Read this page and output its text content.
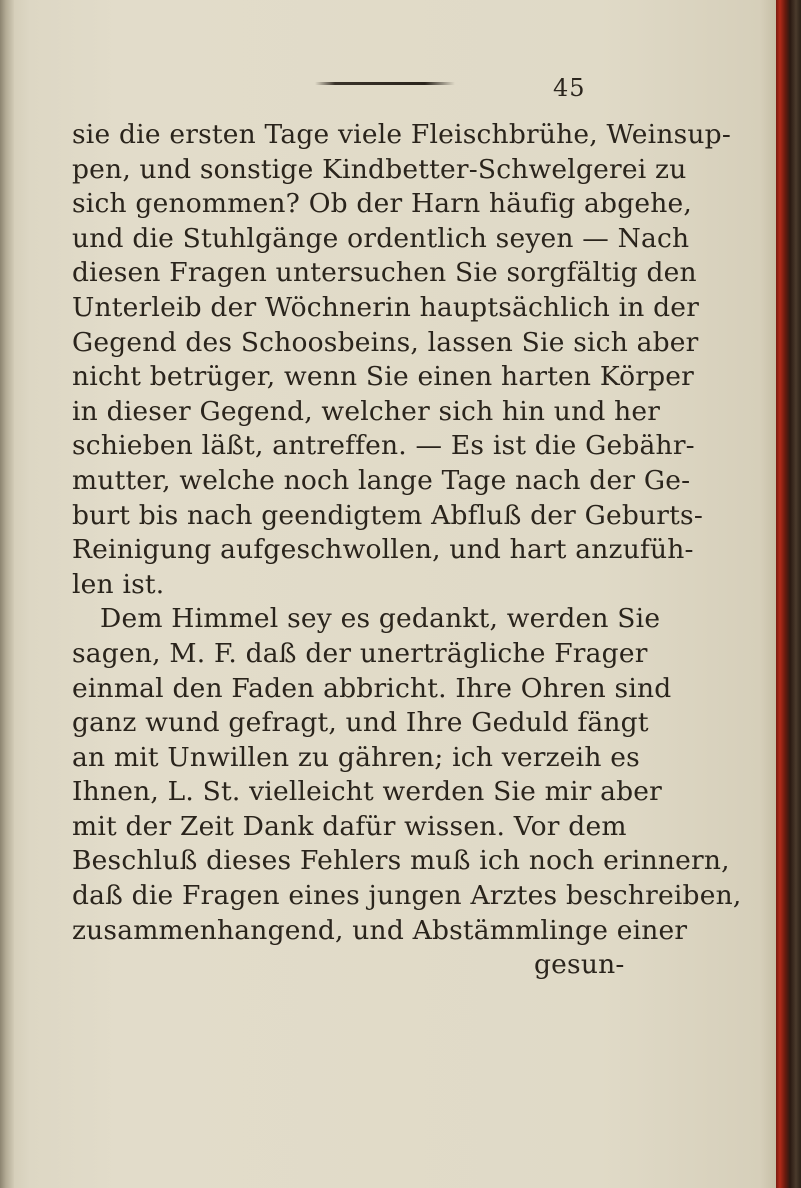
45
sie die ersten Tage viele Fleischbrühe, Weinsup-
pen, und sonstige Kindbetter-Schwelgerei zu
sich genommen? Ob der Harn häufig abgehe,
und die Stuhlgänge ordentlich seyen — Nach
diesen Fragen untersuchen Sie sorgfältig den
Unterleib der Wöchnerin hauptsächlich in der
Gegend des Schoosbeins, lassen Sie sich aber
nicht betrüger, wenn Sie einen harten Körper
in dieser Gegend, welcher sich hin und her
schieben läßt, antreffen. — Es ist die Gebähr-
mutter, welche noch lange Tage nach der Ge-
burt bis nach geendigtem Abfluß der Geburts-
Reinigung aufgeschwollen, und hart anzufüh-
len ist.
Dem Himmel sey es gedankt, werden Sie
sagen, M. F. daß der unerträgliche Frager
einmal den Faden abbricht. Ihre Ohren sind
ganz wund gefragt, und Ihre Geduld fängt
an mit Unwillen zu gähren; ich verzeih es
Ihnen, L. St. vielleicht werden Sie mir aber
mit der Zeit Dank dafür wissen. Vor dem
Beschluß dieses Fehlers muß ich noch erinnern,
daß die Fragen eines jungen Arztes beschreiben,
zusammenhangend, und Abstämmlinge einer
gesun-
